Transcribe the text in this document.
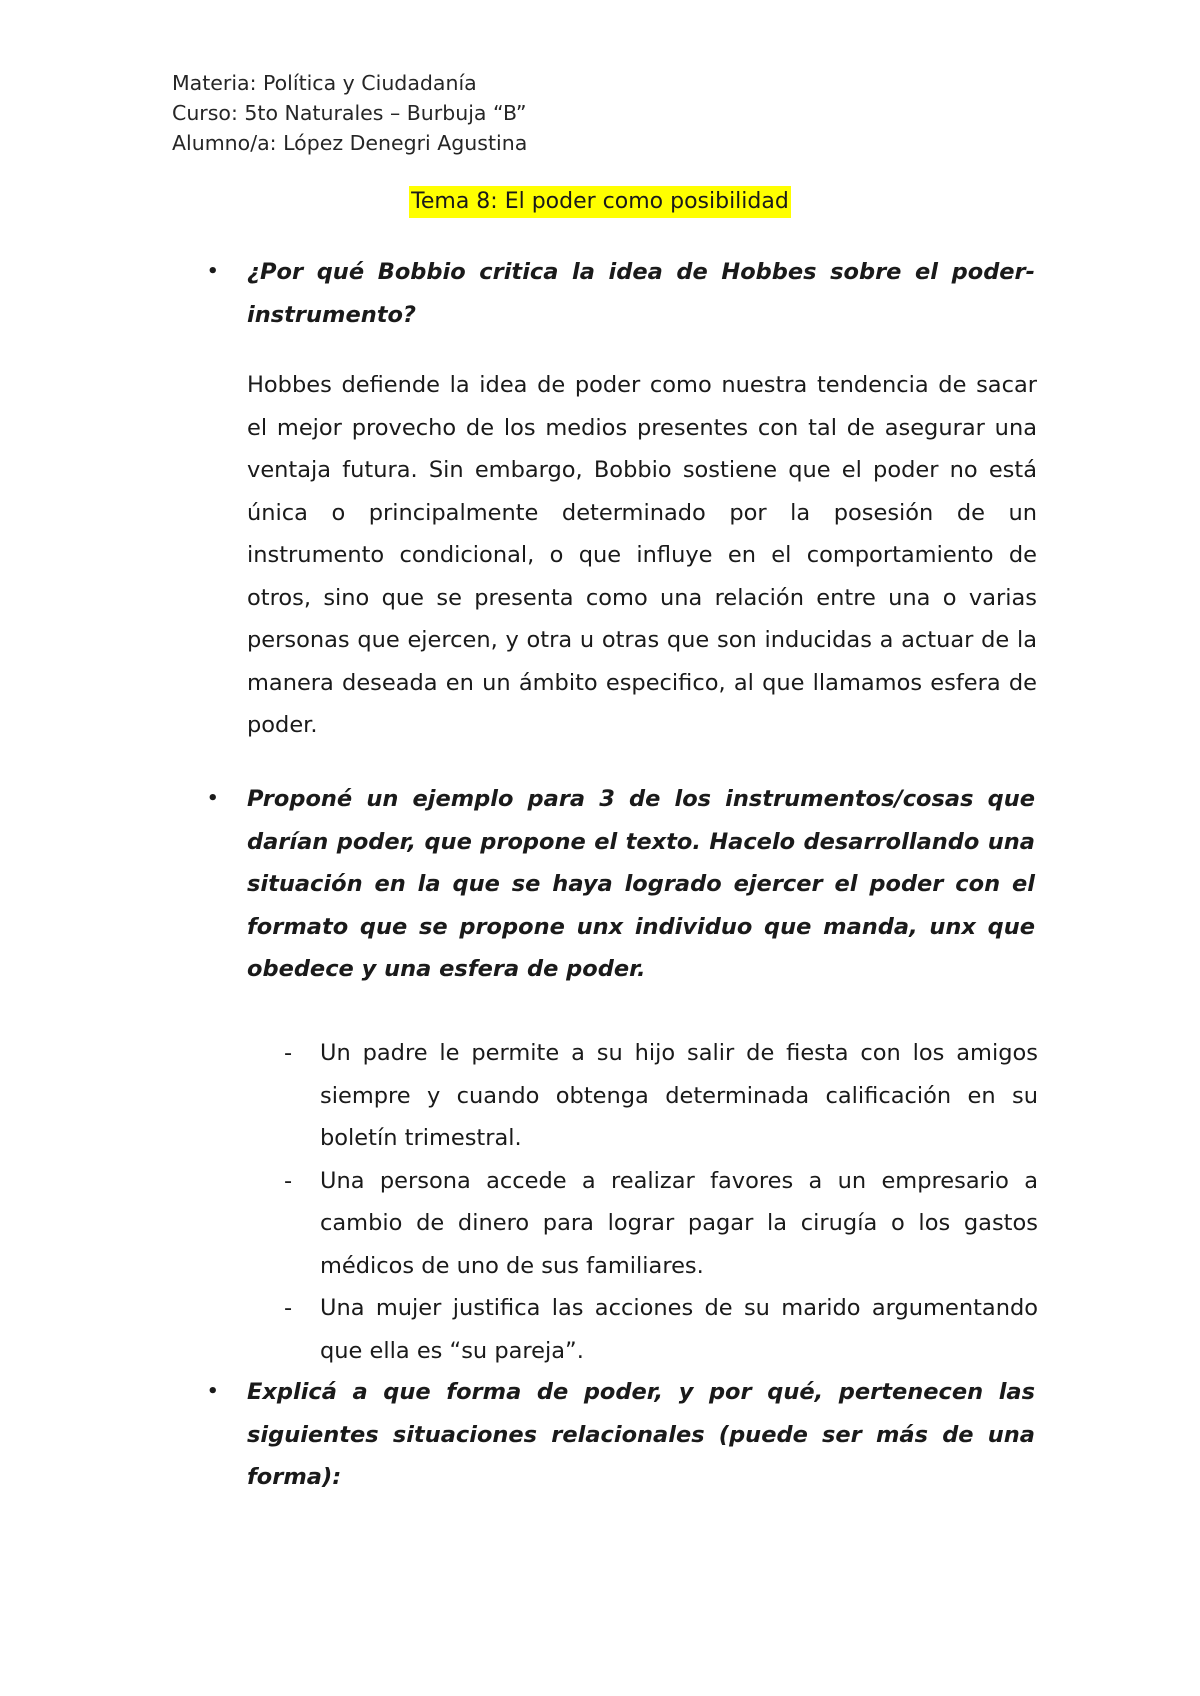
Materia: Política y Ciudadanía
Curso: 5to Naturales – Burbuja “B”
Alumno/a: López Denegri Agustina
Tema 8: El poder como posibilidad
• ¿Por qué Bobbio critica la idea de Hobbes sobre el poder-instrumento?
Hobbes defiende la idea de poder como nuestra tendencia de sacar el mejor provecho de los medios presentes con tal de asegurar una ventaja futura. Sin embargo, Bobbio sostiene que el poder no está única o principalmente determinado por la posesión de un instrumento condicional, o que influye en el comportamiento de otros, sino que se presenta como una relación entre una o varias personas que ejercen, y otra u otras que son inducidas a actuar de la manera deseada en un ámbito especifico, al que llamamos esfera de poder.
• Proponé un ejemplo para 3 de los instrumentos/cosas que darían poder, que propone el texto. Hacelo desarrollando una situación en la que se haya logrado ejercer el poder con el formato que se propone unx individuo que manda, unx que obedece y una esfera de poder.
- Un padre le permite a su hijo salir de fiesta con los amigos siempre y cuando obtenga determinada calificación en su boletín trimestral.
- Una persona accede a realizar favores a un empresario a cambio de dinero para lograr pagar la cirugía o los gastos médicos de uno de sus familiares.
- Una mujer justifica las acciones de su marido argumentando que ella es “su pareja”.
• Explicá a que forma de poder, y por qué, pertenecen las siguientes situaciones relacionales (puede ser más de una forma):
